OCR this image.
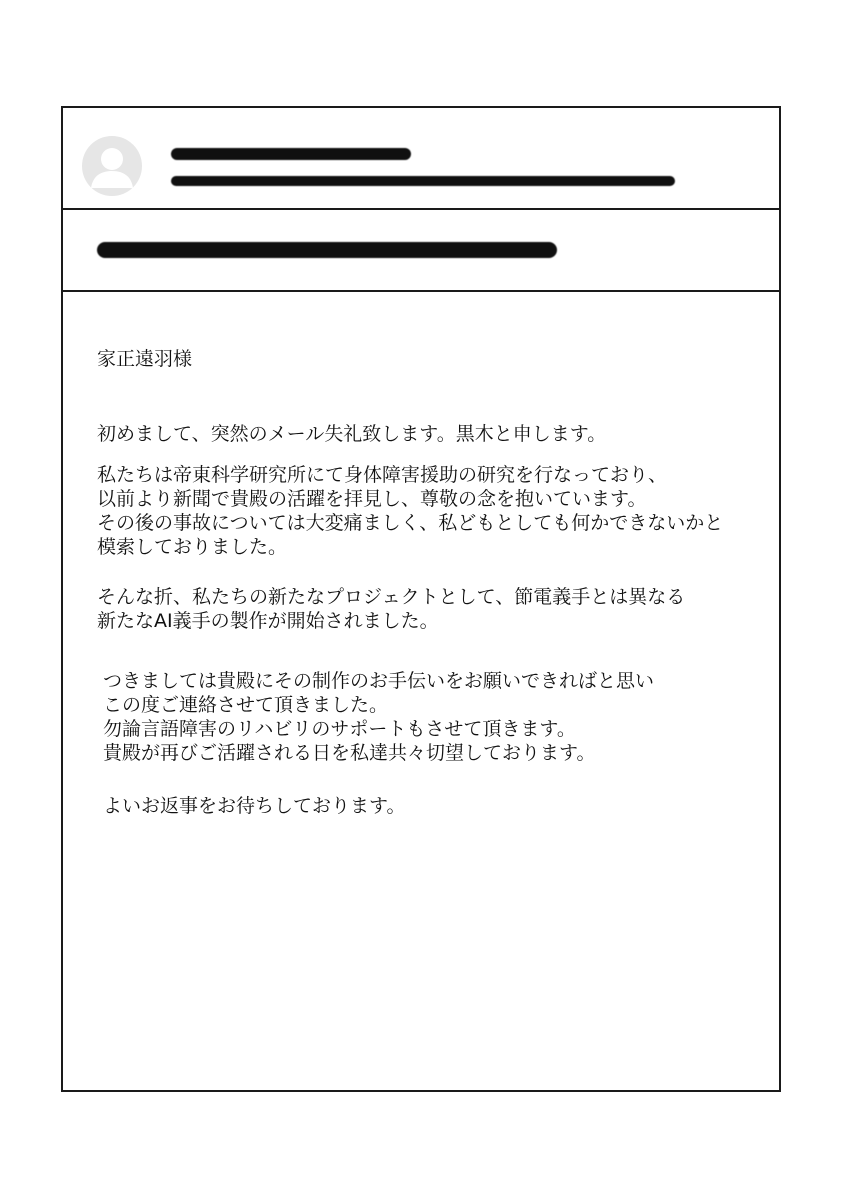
家正遠羽様
初めまして、突然のメール失礼致します。黒木と申します。
私たちは帝東科学研究所にて身体障害援助の研究を行なっており、
以前より新聞で貴殿の活躍を拝見し、尊敬の念を抱いています。
その後の事故については大変痛ましく、私どもとしても何かできないかと
模索しておりました。
そんな折、私たちの新たなプロジェクトとして、節電義手とは異なる
新たなAI義手の製作が開始されました。
つきましては貴殿にその制作のお手伝いをお願いできればと思い
この度ご連絡させて頂きました。
勿論言語障害のリハビリのサポートもさせて頂きます。
貴殿が再びご活躍される日を私達共々切望しております。
よいお返事をお待ちしております。
